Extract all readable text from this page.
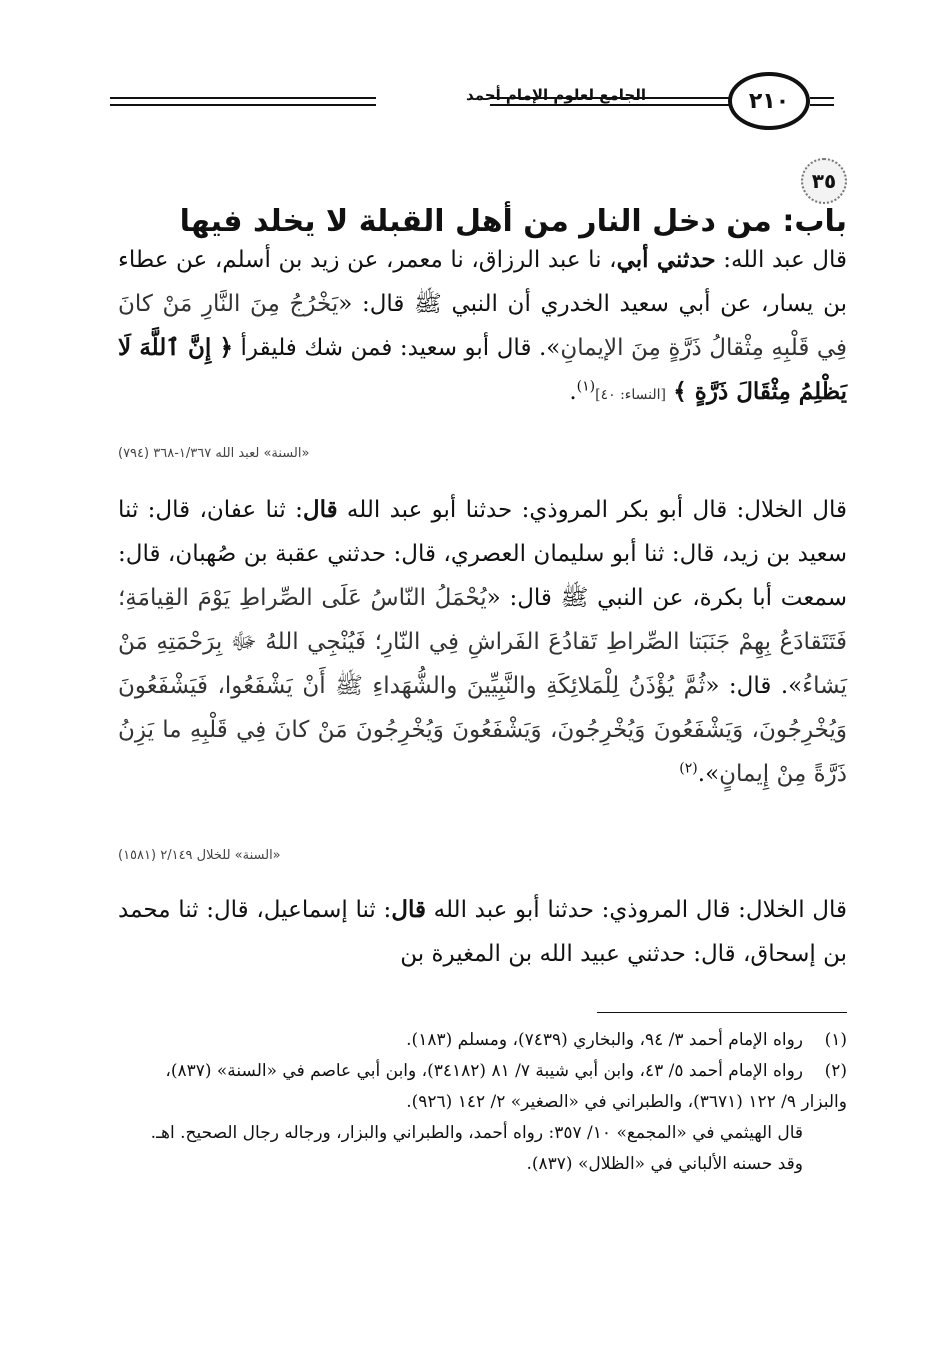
الجامع لعلوم الإمام أحمد	٢١٠
٣٥باب: من دخل النار من أهل القبلة لا يخلد فيها
قال عبد الله: حدثني أبي، نا عبد الرزاق، نا معمر، عن زيد بن أسلم، عن عطاء بن يسار، عن أبي سعيد الخدري أن النبي ﷺ قال: «يَخْرُجُ مِنَ النَّارِ مَنْ كانَ فِي قَلْبِهِ مِثْقالُ ذَرَّةٍ مِنَ الإيمانِ». قال أبو سعيد: فمن شك فليقرأ ﴿ إِنَّ ٱللَّهَ لَا يَظْلِمُ مِثْقَالَ ذَرَّةٍ ﴾ [النساء: ٤٠]$^{(١)}$.
«السنة» لعبد الله ١/٣٦٧-٣٦٨ (٧٩٤)
قال الخلال: قال أبو بكر المروذي: حدثنا أبو عبد الله قال: ثنا عفان، قال: ثنا سعيد بن زيد، قال: ثنا أبو سليمان العصري، قال: حدثني عقبة بن صُهبان، قال: سمعت أبا بكرة، عن النبي ﷺ قال: «يُحْمَلُ النّاسُ عَلَى الصِّراطِ يَوْمَ القِيامَةِ؛ فَتَتَقادَعُ بِهِمْ جَنَبَتا الصِّراطِ تَقادُعَ الفَراشِ فِي النّارِ؛ فَيُنْجِي اللهُ ﷻ بِرَحْمَتِهِ مَنْ يَشاءُ». قال: «ثُمَّ يُؤْذَنُ لِلْمَلائِكَةِ والنَّبِيِّينَ والشُّهَداءِ ﷺ أَنْ يَشْفَعُوا، فَيَشْفَعُونَ وَيُخْرِجُونَ، وَيَشْفَعُونَ وَيُخْرِجُونَ، وَيَشْفَعُونَ وَيُخْرِجُونَ مَنْ كانَ فِي قَلْبِهِ ما يَزِنُ ذَرَّةً مِنْ إِيمانٍ».$^{(٢)}$
«السنة» للخلال ٢/١٤٩ (١٥٨١)
قال الخلال: قال المروذي: حدثنا أبو عبد الله قال: ثنا إسماعيل، قال: ثنا محمد بن إسحاق، قال: حدثني عبيد الله بن المغيرة بن

(١)رواه الإمام أحمد ٣/ ٩٤، والبخاري (٧٤٣٩)، ومسلم (١٨٣).

(٢)رواه الإمام أحمد ٥/ ٤٣، وابن أبي شيبة ٧/ ٨١ (٣٤١٨٢)، وابن أبي عاصم في «السنة» (٨٣٧)، والبزار ٩/ ١٢٢ (٣٦٧١)، والطبراني في «الصغير» ٢/ ١٤٢ (٩٢٦).

قال الهيثمي في «المجمع» ١٠/ ٣٥٧: رواه أحمد، والطبراني والبزار، ورجاله رجال الصحيح. اهـ.

وقد حسنه الألباني في «الظلال» (٨٣٧).
